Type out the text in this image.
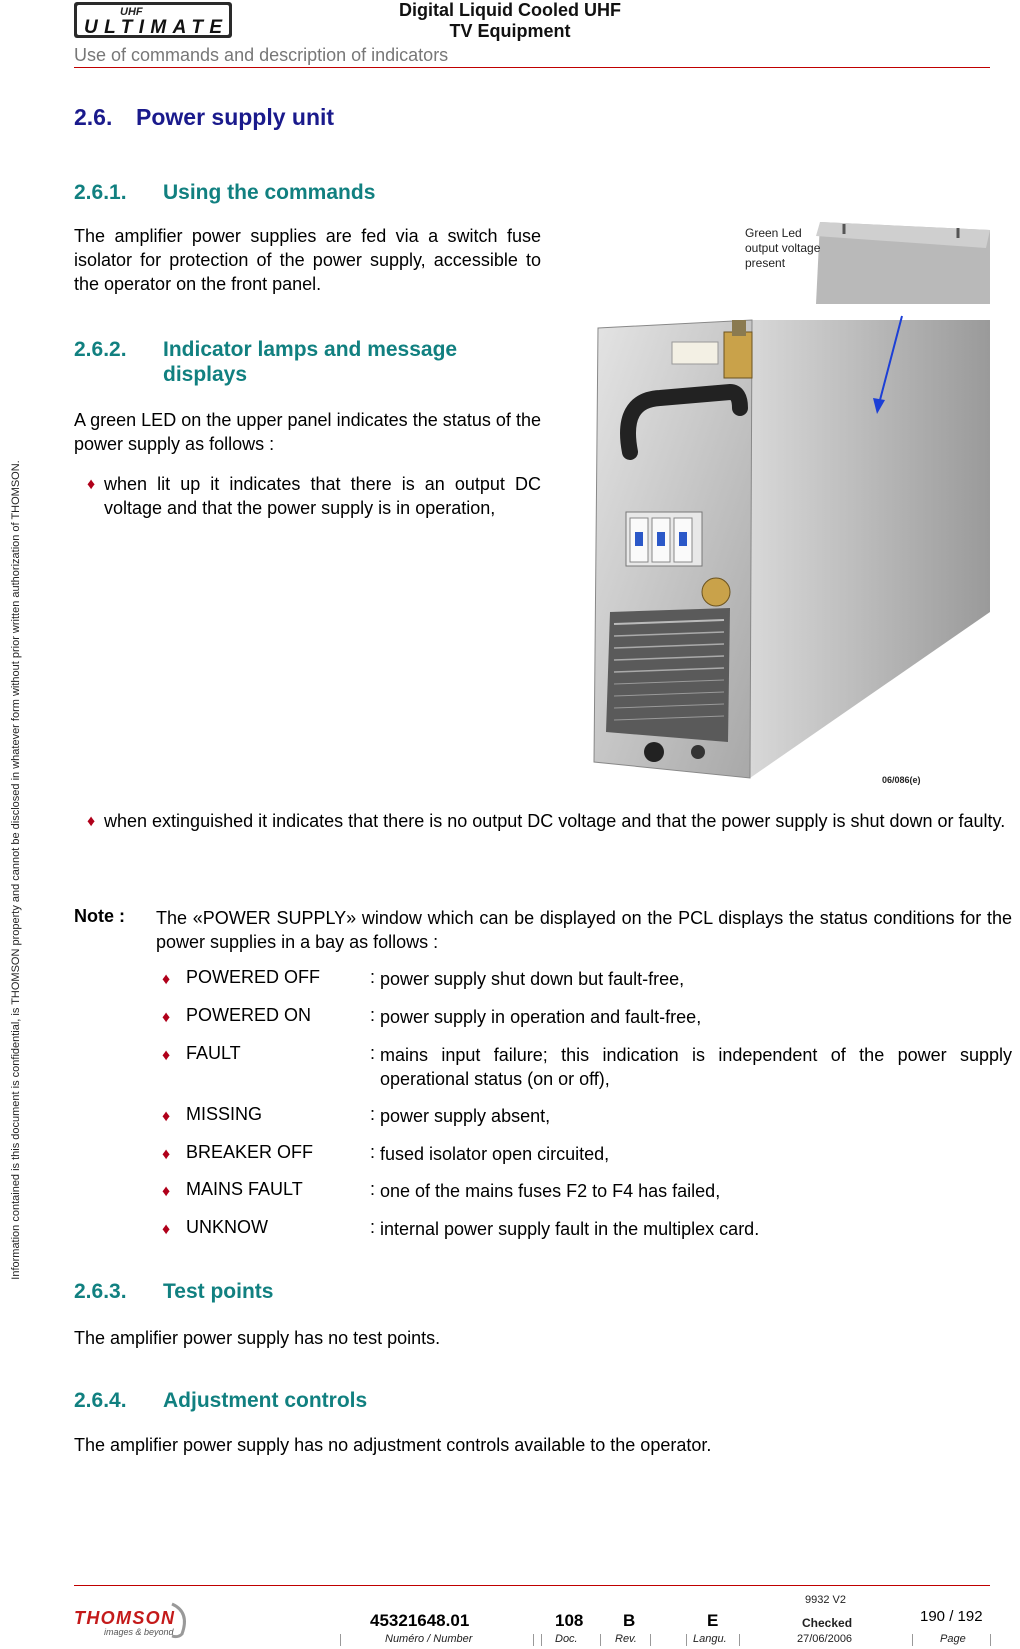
UHF
ULTIMATE
Digital Liquid Cooled UHF
TV Equipment
Use of commands and description of indicators
Information contained is this document is confidential, is THOMSON property and cannot be disclosed in whatever form without prior written authorization of THOMSON.
2.6. Power supply unit
2.6.1. Using the commands
The amplifier power supplies are fed via a switch fuse isolator for protection of the power supply, accessible to the operator on the front panel.
2.6.2. Indicator lamps and message
displays
A green LED on the upper panel indicates the status of the power supply as follows :
♦ when lit up it indicates that there is an output DC voltage and that the power supply is in operation,
Green Led
output voltage
present
06/086(e)
♦ when extinguished it indicates that there is no output DC voltage and that the power supply is shut down or faulty.
Note : The «POWER SUPPLY» window which can be displayed on the PCL displays the status conditions for the power supplies in a bay as follows :
♦ POWERED OFF	: power supply shut down but fault-free,
♦ POWERED ON	: power supply in operation and fault-free,
♦ FAULT	: mains input failure; this indication is independent of the power supply operational status (on or off),
♦ MISSING	: power supply absent,
♦ BREAKER OFF	: fused isolator open circuited,
♦ MAINS FAULT	: one of the mains fuses F2 to F4 has failed,
♦ UNKNOW	: internal power supply fault in the multiplex card.
2.6.3. Test points
The amplifier power supply has no test points.
2.6.4. Adjustment controls
The amplifier power supply has no adjustment controls available to the operator.
THOMSON
images & beyond
45321648.01	108 B	E
9932 V2
Checked	190 / 192
Numéro / Number	Doc.	Rev.	Langu.	27/06/2006	Page
